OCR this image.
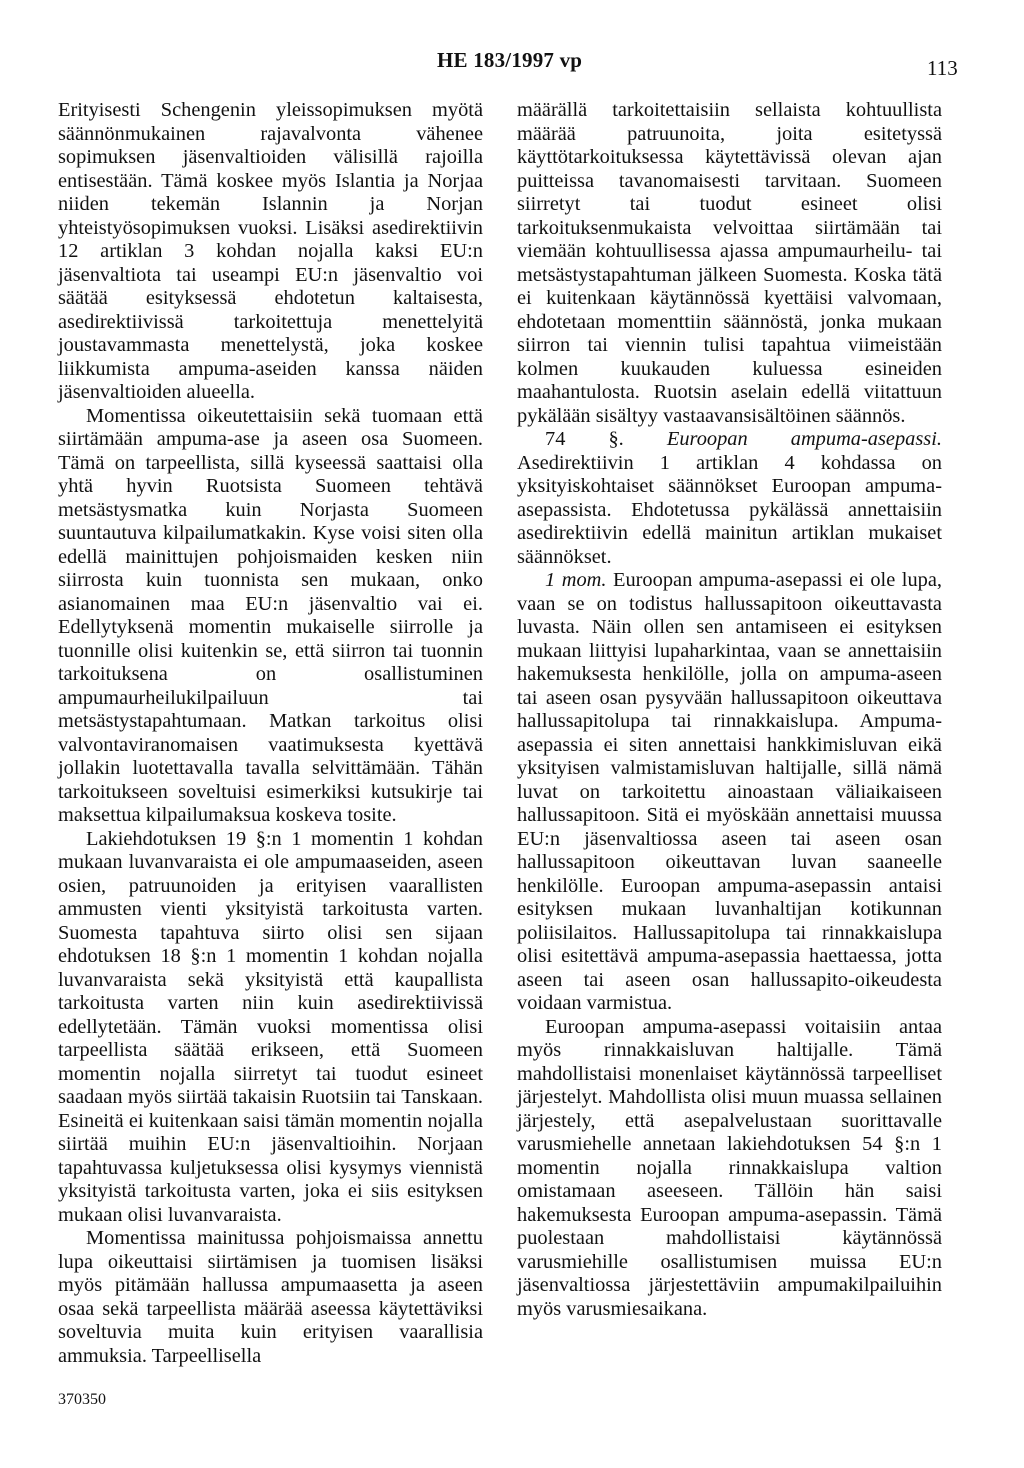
HE 183/1997 vp	113

Erityisesti Schengenin yleissopimuksen myötä säännönmukainen rajavalvonta vähenee sopimuksen jäsenvaltioiden välisillä rajoilla entisestään. Tämä koskee myös Islantia ja Norjaa niiden tekemän Islannin ja Norjan yhteistyösopimuksen vuoksi. Lisäksi asedirektiivin 12 artiklan 3 kohdan nojalla kaksi EU:n jäsenvaltiota tai useampi EU:n jäsenvaltio voi säätää esityksessä ehdotetun kaltaisesta, asedirektiivissä tarkoitettuja menettelyitä joustavammasta menettelystä, joka koskee liikkumista ampuma-aseiden kanssa näiden jäsenvaltioiden alueella.

Momentissa oikeutettaisiin sekä tuomaan että siirtämään ampuma-ase ja aseen osa Suomeen. Tämä on tarpeellista, sillä kyseessä saattaisi olla yhtä hyvin Ruotsista Suomeen tehtävä metsästysmatka kuin Norjasta Suomeen suuntautuva kilpailumatkakin. Kyse voisi siten olla edellä mainittujen pohjoismaiden kesken niin siirrosta kuin tuonnista sen mukaan, onko asianomainen maa EU:n jäsenvaltio vai ei. Edellytyksenä momentin mukaiselle siirrolle ja tuonnille olisi kuitenkin se, että siirron tai tuonnin tarkoituksena on osallistuminen ampumaurheilukilpailuun tai metsästystapahtumaan. Matkan tarkoitus olisi valvontaviranomaisen vaatimuksesta kyettävä jollakin luotettavalla tavalla selvittämään. Tähän tarkoitukseen soveltuisi esimerkiksi kutsukirje tai maksettua kilpailumaksua koskeva tosite.

Lakiehdotuksen 19 §:n 1 momentin 1 kohdan mukaan luvanvaraista ei ole ampumaaseiden, aseen osien, patruunoiden ja erityisen vaarallisten ammusten vienti yksityistä tarkoitusta varten. Suomesta tapahtuva siirto olisi sen sijaan ehdotuksen 18 §:n 1 momentin 1 kohdan nojalla luvanvaraista sekä yksityistä että kaupallista tarkoitusta varten niin kuin asedirektiivissä edellytetään. Tämän vuoksi momentissa olisi tarpeellista säätää erikseen, että Suomeen momentin nojalla siirretyt tai tuodut esineet saadaan myös siirtää takaisin Ruotsiin tai Tanskaan. Esineitä ei kuitenkaan saisi tämän momentin nojalla siirtää muihin EU:n jäsenvaltioihin. Norjaan tapahtuvassa kuljetuksessa olisi kysymys viennistä yksityistä tarkoitusta varten, joka ei siis esityksen mukaan olisi luvanvaraista.

Momentissa mainitussa pohjoismaissa annettu lupa oikeuttaisi siirtämisen ja tuomisen lisäksi myös pitämään hallussa ampumaasetta ja aseen osaa sekä tarpeellista määrää aseessa käytettäviksi soveltuvia muita kuin erityisen vaarallisia ammuksia. Tarpeellisella

määrällä tarkoitettaisiin sellaista kohtuullista määrää patruunoita, joita esitetyssä käyttötarkoituksessa käytettävissä olevan ajan puitteissa tavanomaisesti tarvitaan. Suomeen siirretyt tai tuodut esineet olisi tarkoituksenmukaista velvoittaa siirtämään tai viemään kohtuullisessa ajassa ampumaurheilu- tai metsästystapahtuman jälkeen Suomesta. Koska tätä ei kuitenkaan käytännössä kyettäisi valvomaan, ehdotetaan momenttiin säännöstä, jonka mukaan siirron tai viennin tulisi tapahtua viimeistään kolmen kuukauden kuluessa esineiden maahantulosta. Ruotsin aselain edellä viitattuun pykälään sisältyy vastaavansisältöinen säännös.

74 §. Euroopan ampuma-asepassi. Asedirektiivin 1 artiklan 4 kohdassa on yksityiskohtaiset säännökset Euroopan ampuma-asepassista. Ehdotetussa pykälässä annettaisiin asedirektiivin edellä mainitun artiklan mukaiset säännökset.

1 mom. Euroopan ampuma-asepassi ei ole lupa, vaan se on todistus hallussapitoon oikeuttavasta luvasta. Näin ollen sen antamiseen ei esityksen mukaan liittyisi lupaharkintaa, vaan se annettaisiin hakemuksesta henkilölle, jolla on ampuma-aseen tai aseen osan pysyvään hallussapitoon oikeuttava hallussapitolupa tai rinnakkaislupa. Ampuma-asepassia ei siten annettaisi hankkimisluvan eikä yksityisen valmistamisluvan haltijalle, sillä nämä luvat on tarkoitettu ainoastaan väliaikaiseen hallussapitoon. Sitä ei myöskään annettaisi muussa EU:n jäsenvaltiossa aseen tai aseen osan hallussapitoon oikeuttavan luvan saaneelle henkilölle. Euroopan ampuma-asepassin antaisi esityksen mukaan luvanhaltijan kotikunnan poliisilaitos. Hallussapitolupa tai rinnakkaislupa olisi esitettävä ampuma-asepassia haettaessa, jotta aseen tai aseen osan hallussapito-oikeudesta voidaan varmistua.

Euroopan ampuma-asepassi voitaisiin antaa myös rinnakkaisluvan haltijalle. Tämä mahdollistaisi monenlaiset käytännössä tarpeelliset järjestelyt. Mahdollista olisi muun muassa sellainen järjestely, että asepalvelustaan suorittavalle varusmiehelle annetaan lakiehdotuksen 54 §:n 1 momentin nojalla rinnakkaislupa valtion omistamaan aseeseen. Tällöin hän saisi hakemuksesta Euroopan ampuma-asepassin. Tämä puolestaan mahdollistaisi käytännössä varusmiehille osallistumisen muissa EU:n jäsenvaltiossa järjestettäviin ampumakilpailuihin myös varusmiesaikana.

370350
